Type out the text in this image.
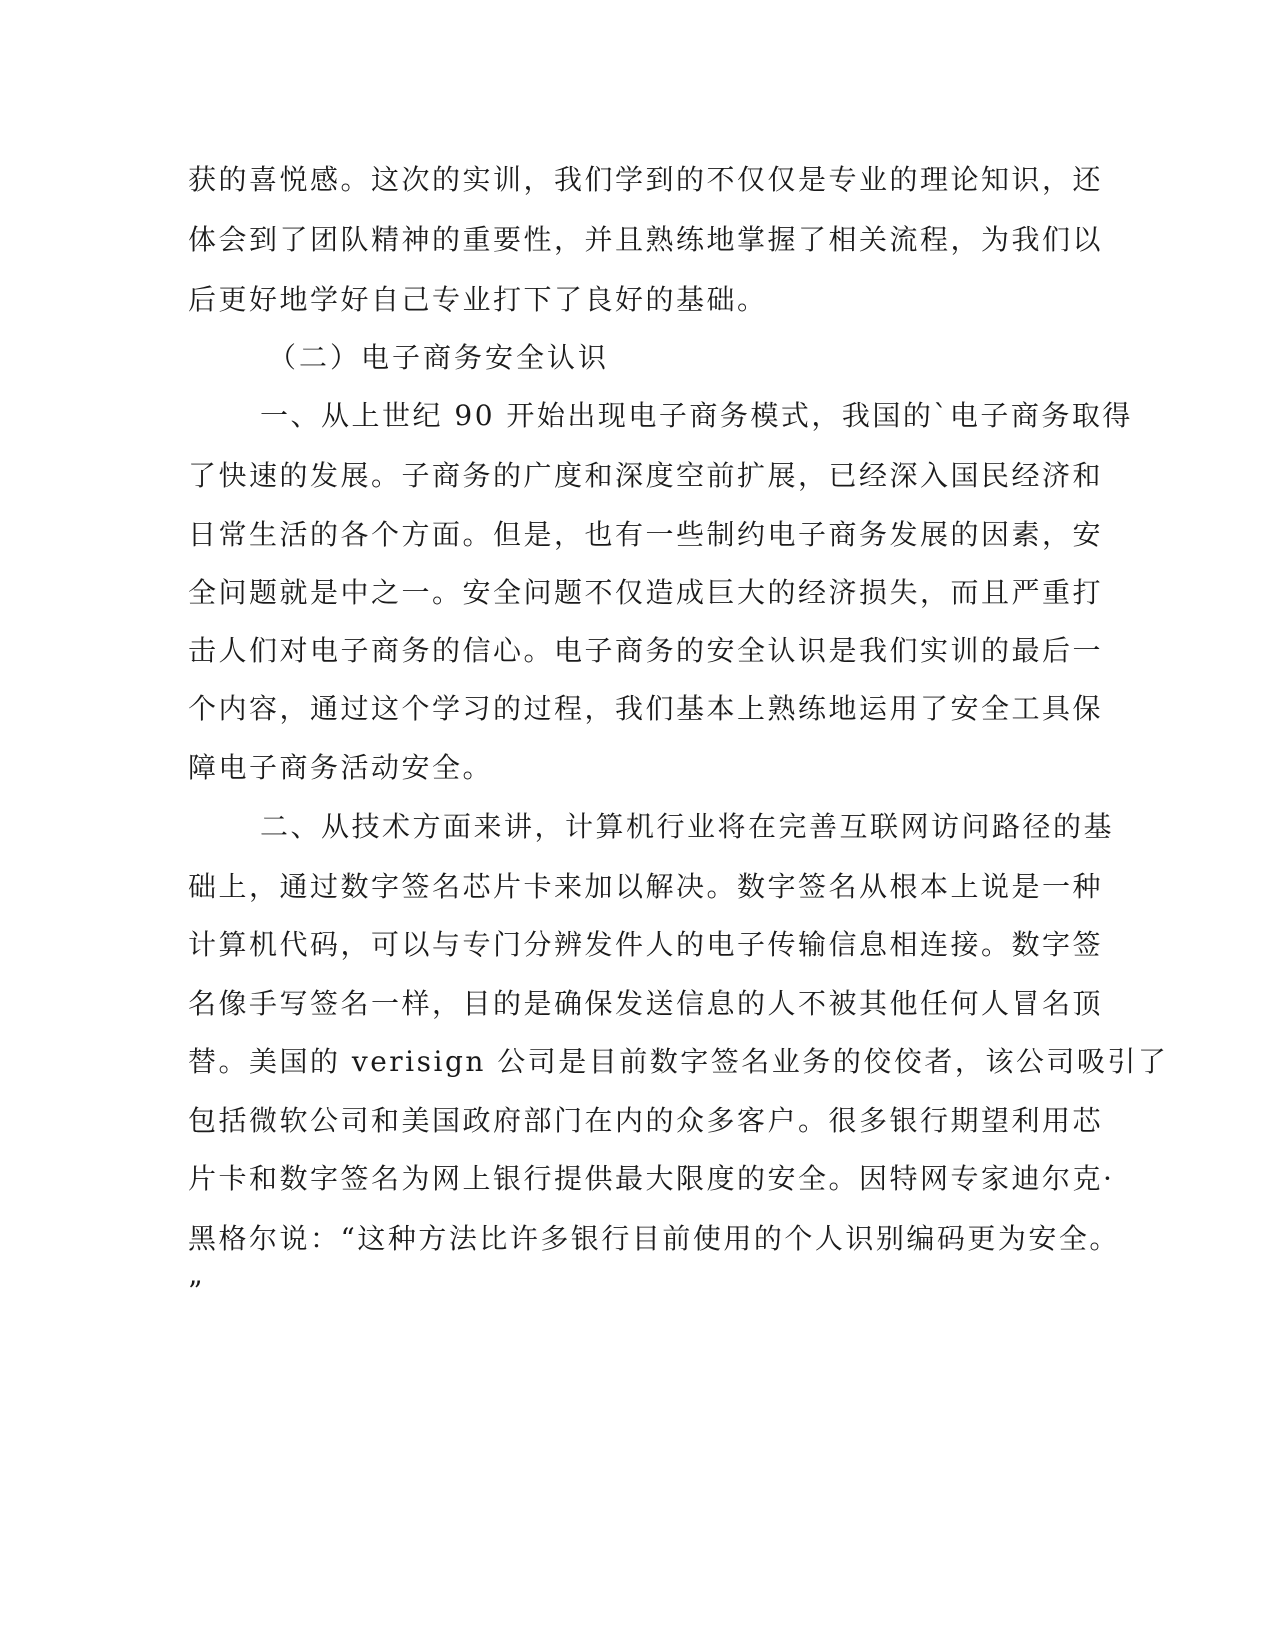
获的喜悦感。这次的实训，我们学到的不仅仅是专业的理论知识，还
体会到了团队精神的重要性，并且熟练地掌握了相关流程，为我们以
后更好地学好自己专业打下了良好的基础。
（二）电子商务安全认识
一、从上世纪 90 开始出现电子商务模式，我国的`电子商务取得
了快速的发展。子商务的广度和深度空前扩展，已经深入国民经济和
日常生活的各个方面。但是，也有一些制约电子商务发展的因素，安
全问题就是中之一。安全问题不仅造成巨大的经济损失，而且严重打
击人们对电子商务的信心。电子商务的安全认识是我们实训的最后一
个内容，通过这个学习的过程，我们基本上熟练地运用了安全工具保
障电子商务活动安全。
二、从技术方面来讲，计算机行业将在完善互联网访问路径的基
础上，通过数字签名芯片卡来加以解决。数字签名从根本上说是一种
计算机代码，可以与专门分辨发件人的电子传输信息相连接。数字签
名像手写签名一样，目的是确保发送信息的人不被其他任何人冒名顶
替。美国的 verisign 公司是目前数字签名业务的佼佼者，该公司吸引了
包括微软公司和美国政府部门在内的众多客户。很多银行期望利用芯
片卡和数字签名为网上银行提供最大限度的安全。因特网专家迪尔克·
黑格尔说：“这种方法比许多银行目前使用的个人识别编码更为安全。
”
